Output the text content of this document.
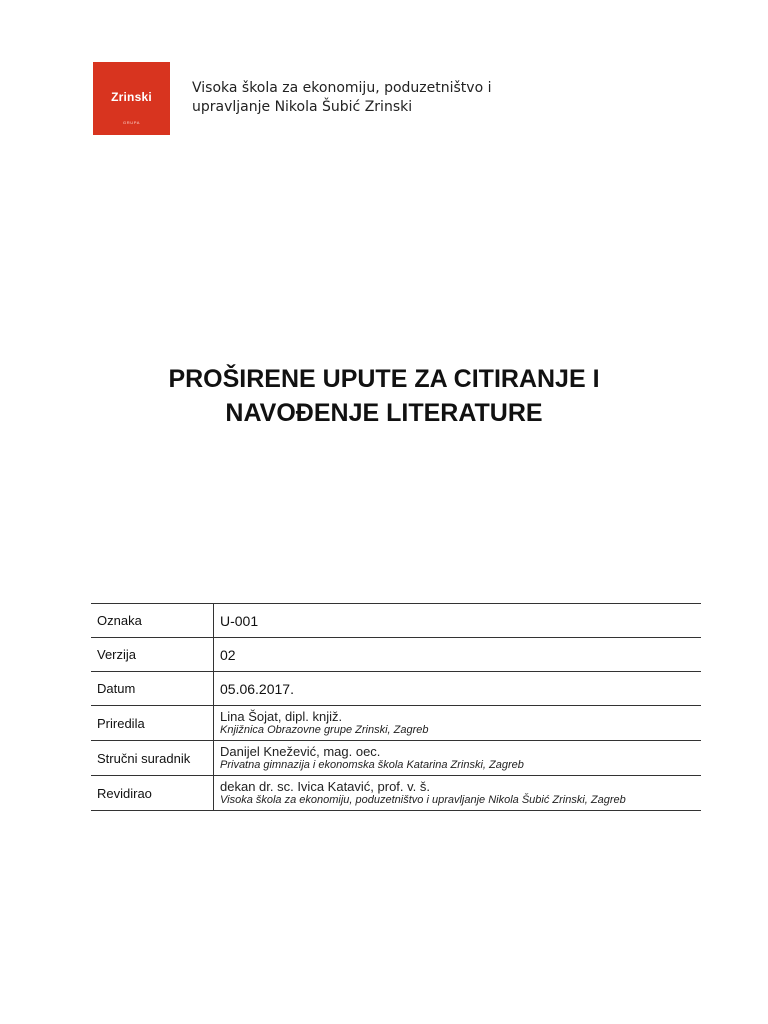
Zrinski
GRUPA
Visoka škola za ekonomiju, poduzetništvo i
upravljanje Nikola Šubić Zrinski
PROŠIRENE UPUTE ZA CITIRANJE I
NAVOĐENJE LITERATURE
Oznaka	U-001
Verzija	02
Datum	05.06.2017.
Priredila	Lina Šojat, dipl. knjiž.
Knjižnica Obrazovne grupe Zrinski, Zagreb

Stručni suradnik	Danijel Knežević, mag. oec.
Privatna gimnazija i ekonomska škola Katarina Zrinski, Zagreb

Revidirao	dekan dr. sc. Ivica Katavić, prof. v. š.
Visoka škola za ekonomiju, poduzetništvo i upravljanje Nikola Šubić Zrinski, Zagreb
